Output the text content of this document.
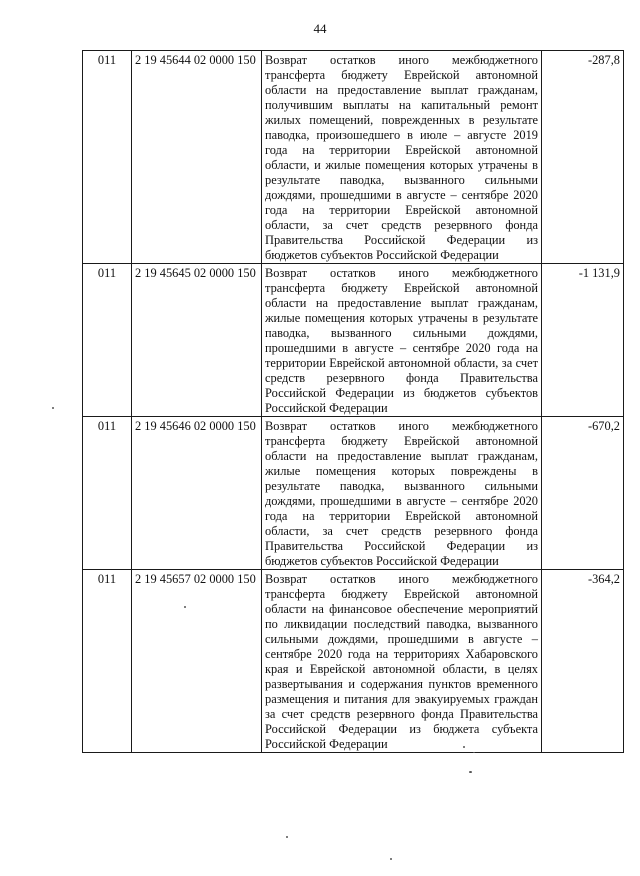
44
011	2 19 45644 02 0000 150	Возврат остатков иного межбюджетного трансферта бюджету Еврейской автономной области на предоставление выплат гражданам, получившим выплаты на капитальный ремонт жилых помещений, поврежденных в результате паводка, произошедшего в июле – августе 2019 года на территории Еврейской автономной области, и жилые помещения которых утрачены в результате паводка, вызванного сильными дождями, прошедшими в августе – сентябре 2020 года на территории Еврейской автономной области, за счет средств резервного фонда Правительства Российской Федерации из бюджетов субъектов Российской Федерации	-287,8
011	2 19 45645 02 0000 150	Возврат остатков иного межбюджетного трансферта бюджету Еврейской автономной области на предоставление выплат гражданам, жилые помещения которых утрачены в результате паводка, вызванного сильными дождями, прошедшими в августе – сентябре 2020 года на территории Еврейской автономной области, за счет средств резервного фонда Правительства Российской Федерации из бюджетов субъектов Российской Федерации	-1 131,9
011	2 19 45646 02 0000 150	Возврат остатков иного межбюджетного трансферта бюджету Еврейской автономной области на предоставление выплат гражданам, жилые помещения которых повреждены в результате паводка, вызванного сильными дождями, прошедшими в августе – сентябре 2020 года на территории Еврейской автономной области, за счет средств резервного фонда Правительства Российской Федерации из бюджетов субъектов Российской Федерации	-670,2
011	2 19 45657 02 0000 150	Возврат остатков иного межбюджетного трансферта бюджету Еврейской автономной области на финансовое обеспечение мероприятий по ликвидации последствий паводка, вызванного сильными дождями, прошедшими в августе – сентябре 2020 года на территориях Хабаровского края и Еврейской автономной области, в целях развертывания и содержания пунктов временного размещения и питания для эвакуируемых граждан за счет средств резервного фонда Правительства Российской Федерации из бюджета субъекта Российской Федерации	-364,2
